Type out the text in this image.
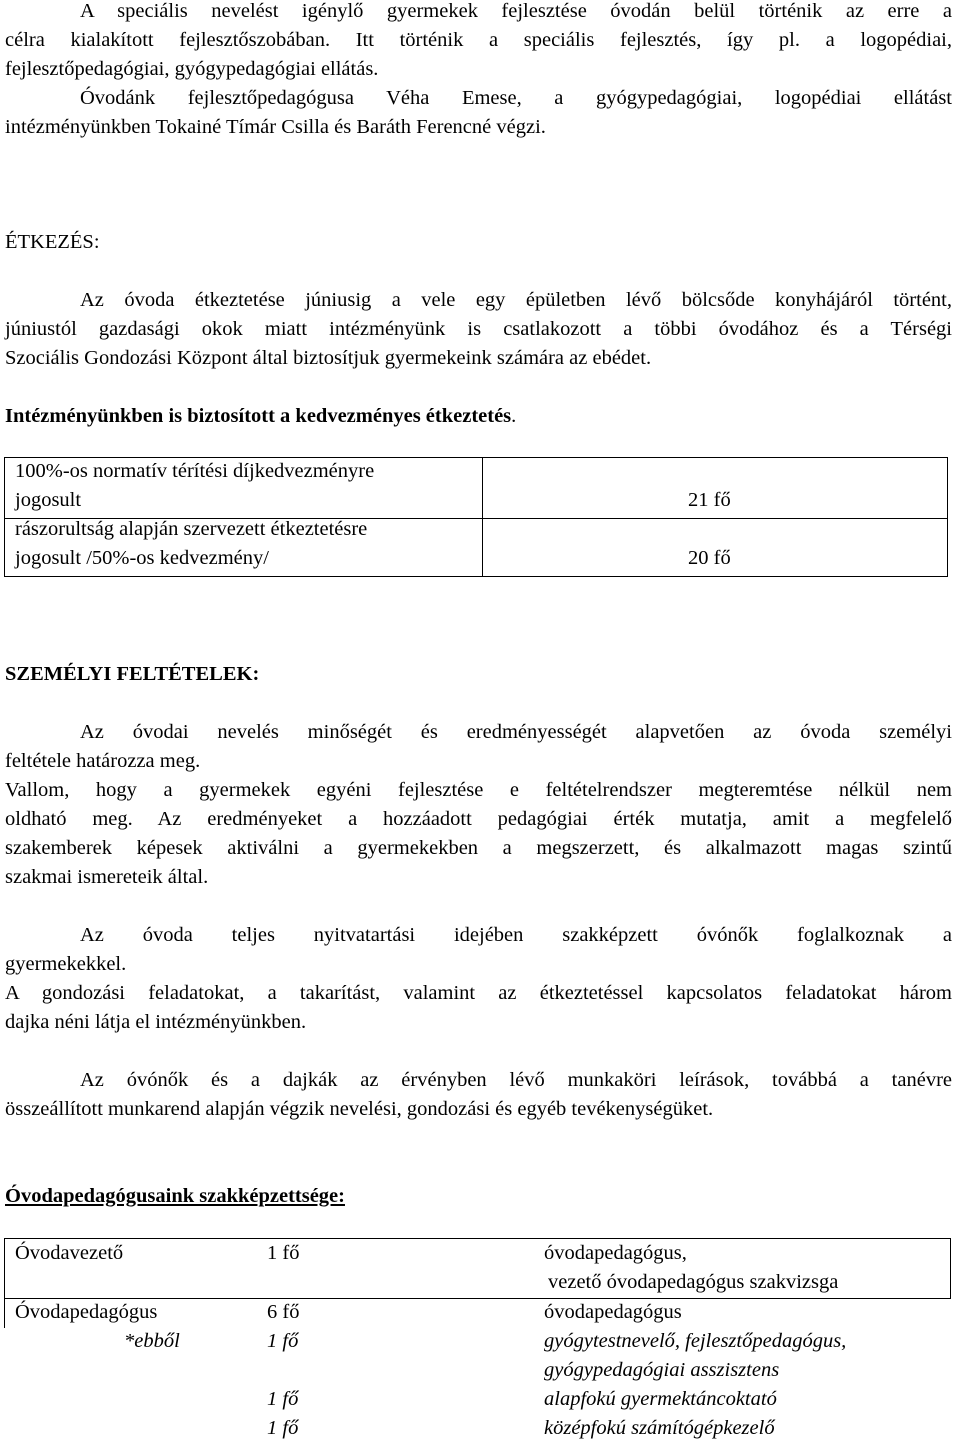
A speciális nevelést igénylő gyermekek fejlesztése óvodán belül történik az erre a
célra kialakított fejlesztőszobában. Itt történik a speciális fejlesztés, így pl. a logopédiai,
fejlesztőpedagógiai, gyógypedagógiai ellátás.
Óvodánk fejlesztőpedagógusa Véha Emese, a gyógypedagógiai, logopédiai ellátást
intézményünkben Tokainé Tímár Csilla és Baráth Ferencné végzi.
ÉTKEZÉS:
Az óvoda étkeztetése júniusig a vele egy épületben lévő bölcsőde konyhájáról történt,
júniustól gazdasági okok miatt intézményünk is csatlakozott a többi óvodához és a Térségi
Szociális Gondozási Központ által biztosítjuk gyermekeink számára az ebédet.
Intézményünkben is biztosított a kedvezményes étkeztetés.
100%-os normatív térítési díjkedvezményre
jogosult	21 fő
rászorultság alapján szervezett étkeztetésre
jogosult /50%-os kedvezmény/	20 fő
SZEMÉLYI FELTÉTELEK:
Az óvodai nevelés minőségét és eredményességét alapvetően az óvoda személyi
feltétele határozza meg.
Vallom, hogy a gyermekek egyéni fejlesztése e feltételrendszer megteremtése nélkül nem
oldható meg. Az eredményeket a hozzáadott pedagógiai érték mutatja, amit a megfelelő
szakemberek képesek aktiválni a gyermekekben a megszerzett, és alkalmazott magas szintű
szakmai ismereteik által.
Az óvoda teljes nyitvatartási idejében szakképzett óvónők foglalkoznak a
gyermekekkel.
A gondozási feladatokat, a takarítást, valamint az étkeztetéssel kapcsolatos feladatokat három
dajka néni látja el intézményünkben.
Az óvónők és a dajkák az érvényben lévő munkaköri leírások, továbbá a tanévre
összeállított munkarend alapján végzik nevelési, gondozási és egyéb tevékenységüket.
Óvodapedagógusaink szakképzettsége:
Óvodavezető	1 fő	óvodapedagógus,
vezető óvodapedagógus szakvizsga
Óvodapedagógus	6 fő	óvodapedagógus
*ebből	1 fő	gyógytestnevelő, fejlesztőpedagógus,
gyógypedagógiai asszisztens
1 fő	alapfokú gyermektáncoktató
1 fő	középfokú számítógépkezelő
